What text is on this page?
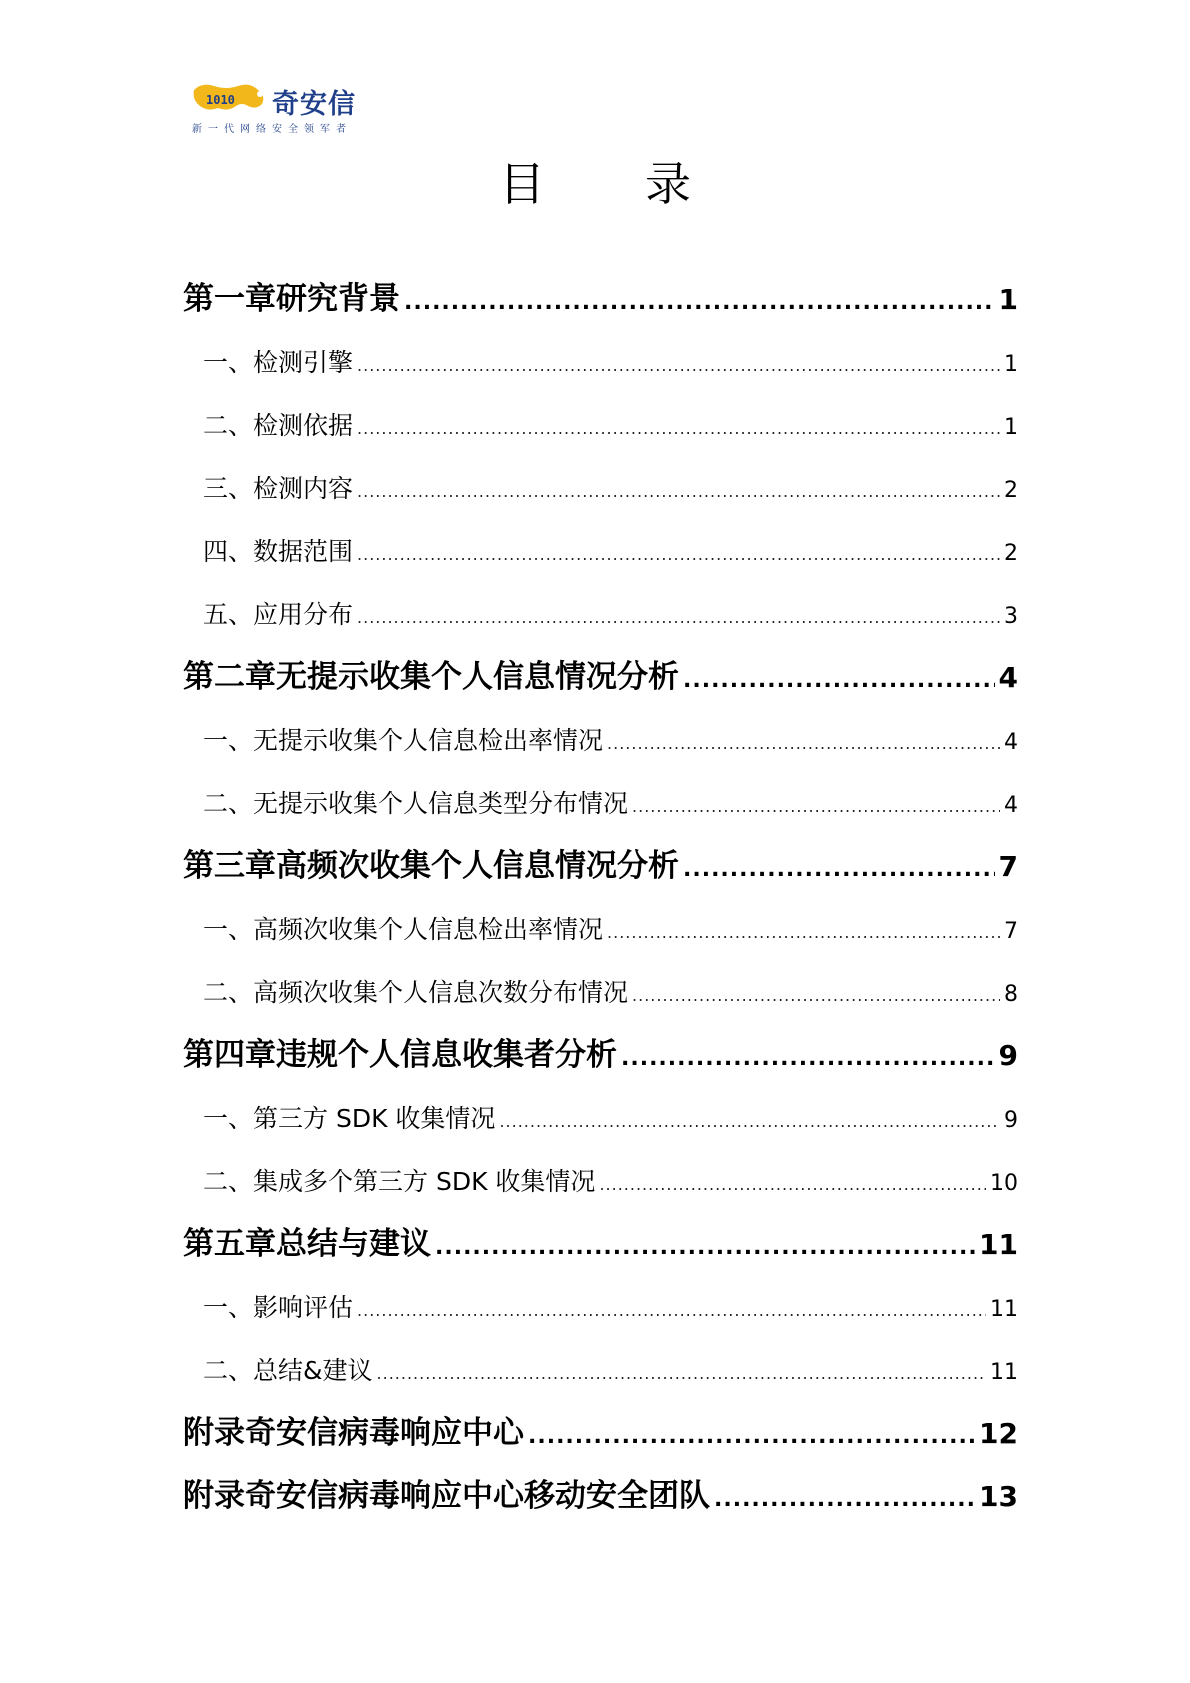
1010 奇安信
新一代网络安全领军者
目 录
第一章 研究背景 .....	1
一、 检测引擎 .....	1
二、 检测依据 .....	1
三、 检测内容 .....	2
四、 数据范围 .....	2
五、 应用分布 .....	3
第二章 无提示收集个人信息情况分析 .....	4
一、 无提示收集个人信息检出率情况 .....	4
二、 无提示收集个人信息类型分布情况 .....	4
第三章 高频次收集个人信息情况分析 .....	7
一、 高频次收集个人信息检出率情况 .....	7
二、 高频次收集个人信息次数分布情况 .....	8
第四章 违规个人信息收集者分析 .....	9
一、 第三方 SDK 收集情况 .....	9
二、 集成多个第三方 SDK 收集情况 .....	10
第五章 总结与建议 .....	11
一、 影响评估 .....	11
二、 总结&建议 .....	11
附录 奇安信病毒响应中心 .....	12
附录 奇安信病毒响应中心移动安全团队 .....	13
